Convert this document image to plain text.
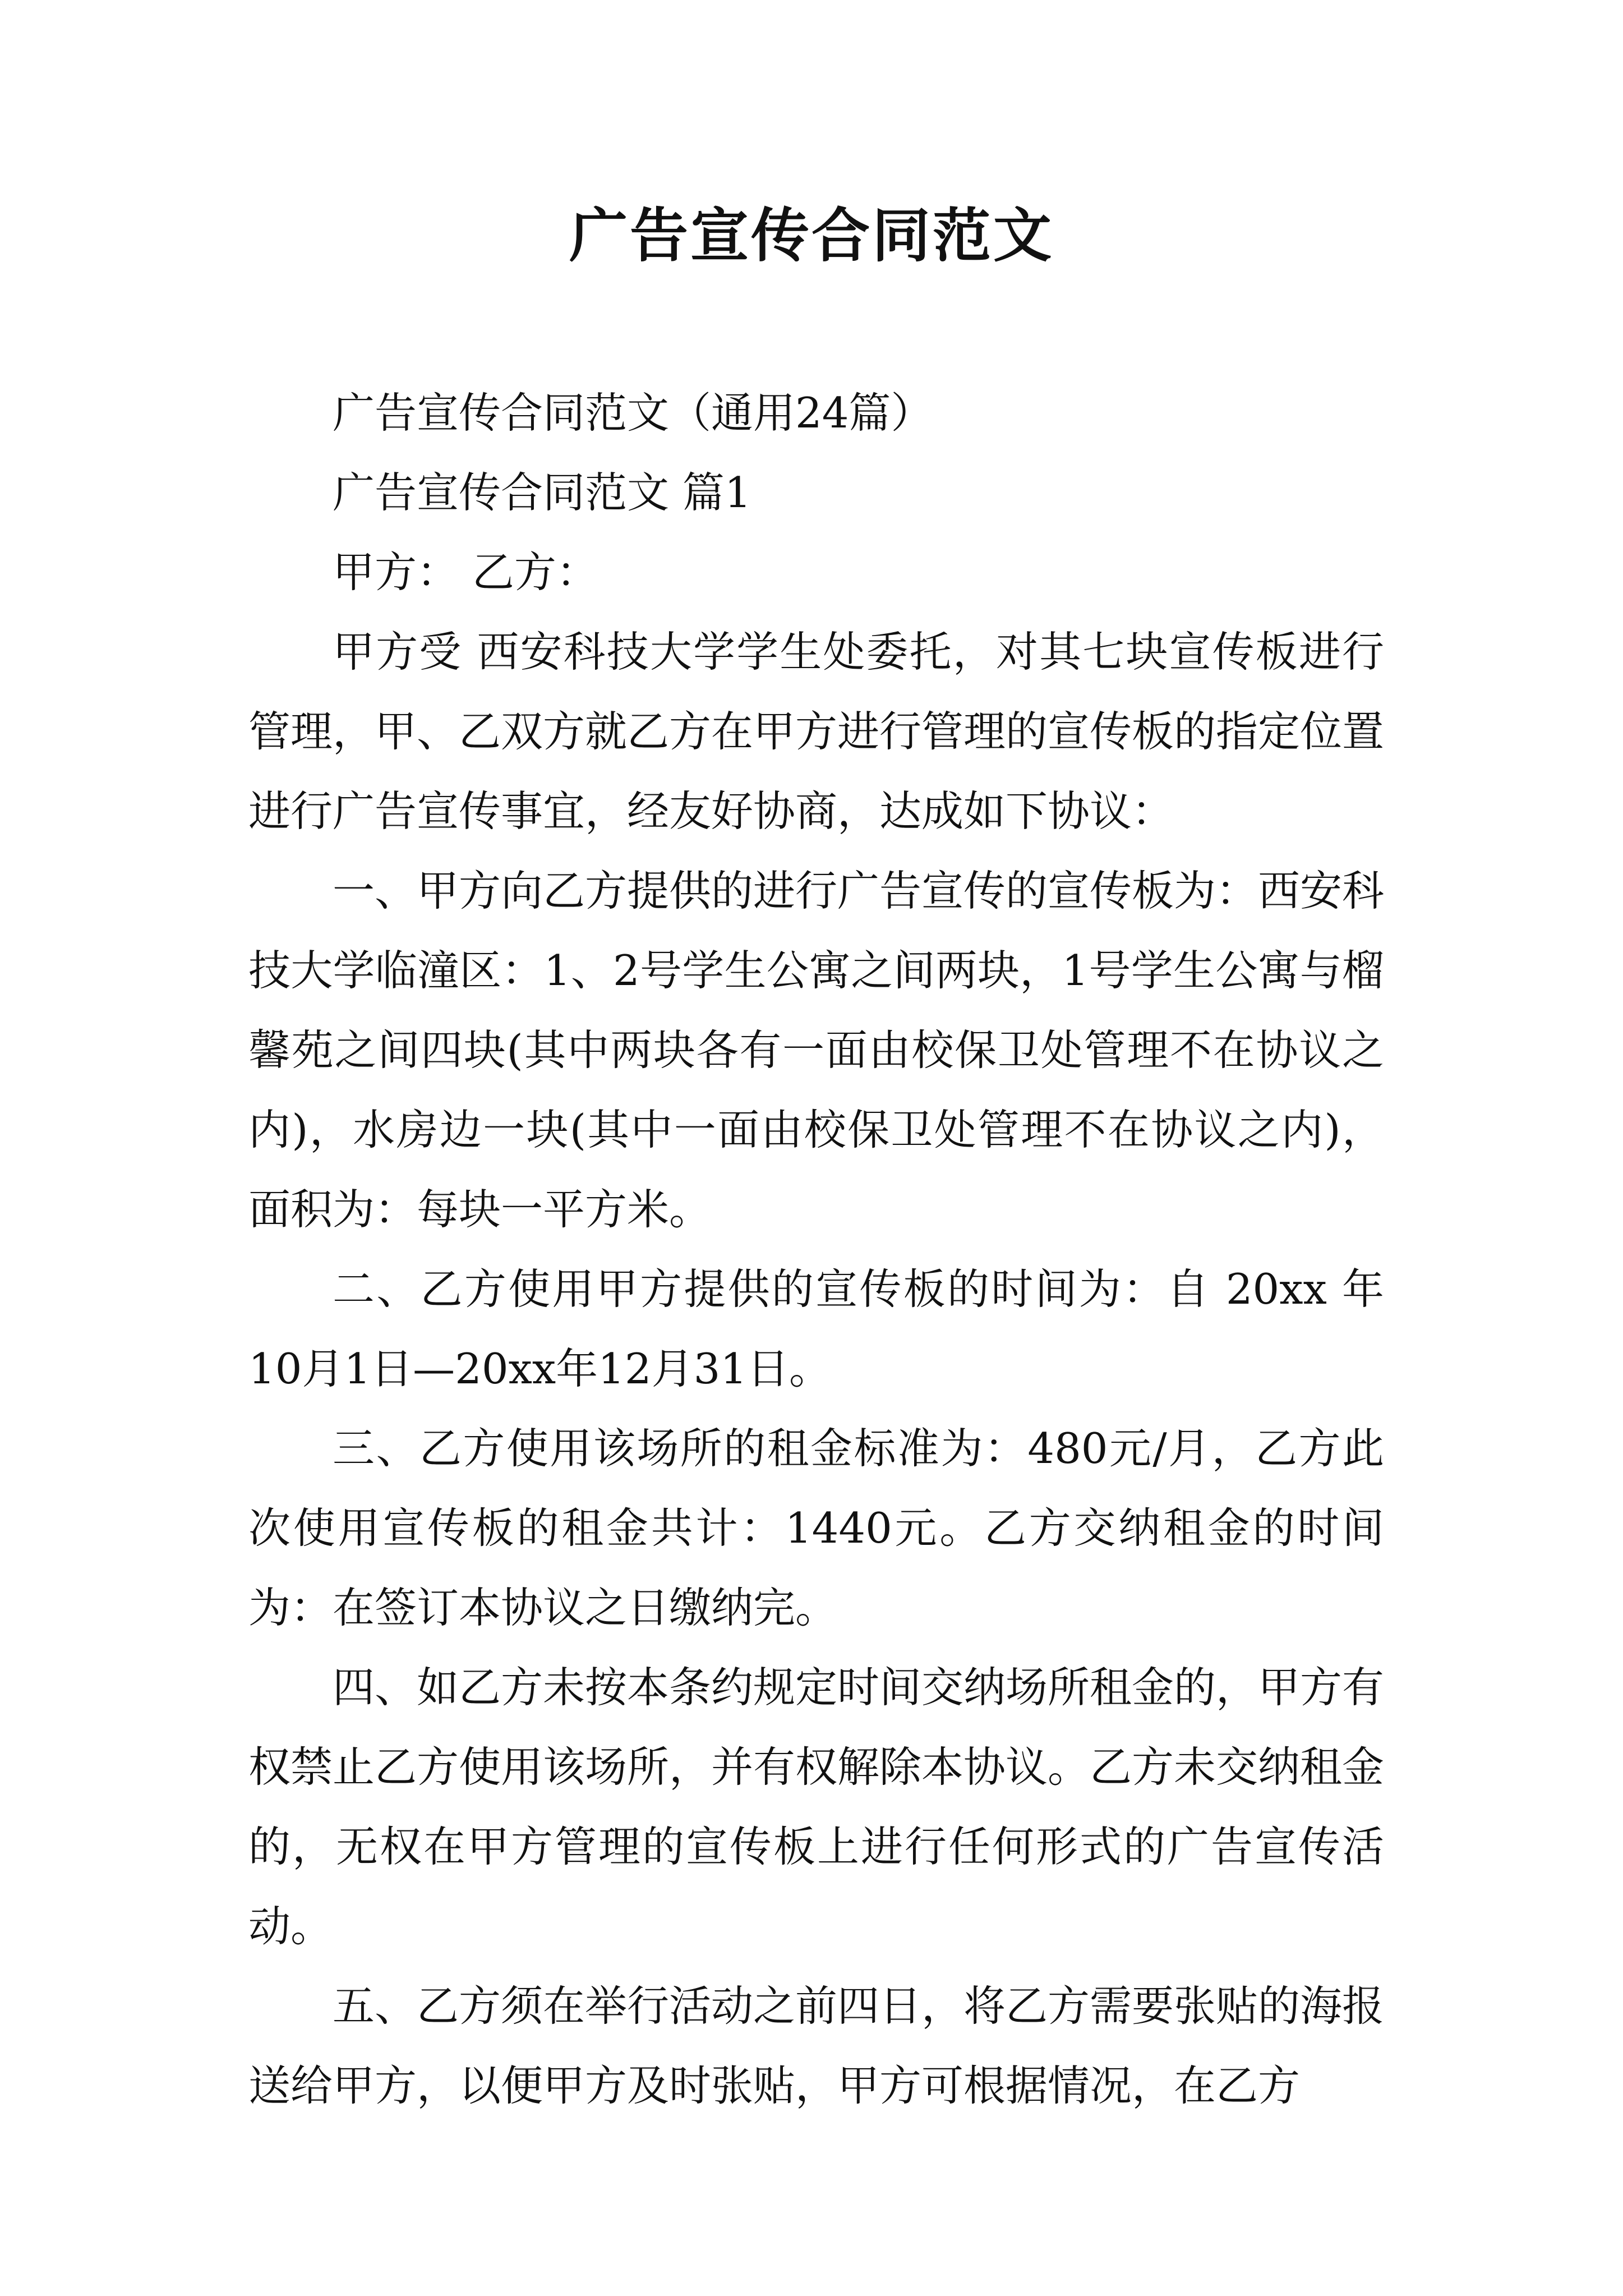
广告宣传合同范文
广告宣传合同范文（通用24篇）
广告宣传合同范文 篇1
甲方： 乙方：

甲方受 西安科技大学学生处委托，对其七块宣传板进行管理，甲、乙双方就乙方在甲方进行管理的宣传板的指定位置进行广告宣传事宜，经友好协商，达成如下协议：

一、甲方向乙方提供的进行广告宣传的宣传板为：西安科技大学临潼区：1、2号学生公寓之间两块，1号学生公寓与榴馨苑之间四块(其中两块各有一面由校保卫处管理不在协议之内)，水房边一块(其中一面由校保卫处管理不在协议之内)，面积为：每块一平方米。

二、乙方使用甲方提供的宣传板的时间为：自 20xx 年10月1日—20xx年12月31日。

三、乙方使用该场所的租金标准为：480元/月，乙方此次使用宣传板的租金共计：1440元。乙方交纳租金的时间为：在签订本协议之日缴纳完。

四、如乙方未按本条约规定时间交纳场所租金的，甲方有权禁止乙方使用该场所，并有权解除本协议。乙方未交纳租金的，无权在甲方管理的宣传板上进行任何形式的广告宣传活动。

五、乙方须在举行活动之前四日，将乙方需要张贴的海报送给甲方，以便甲方及时张贴，甲方可根据情况，在乙方
